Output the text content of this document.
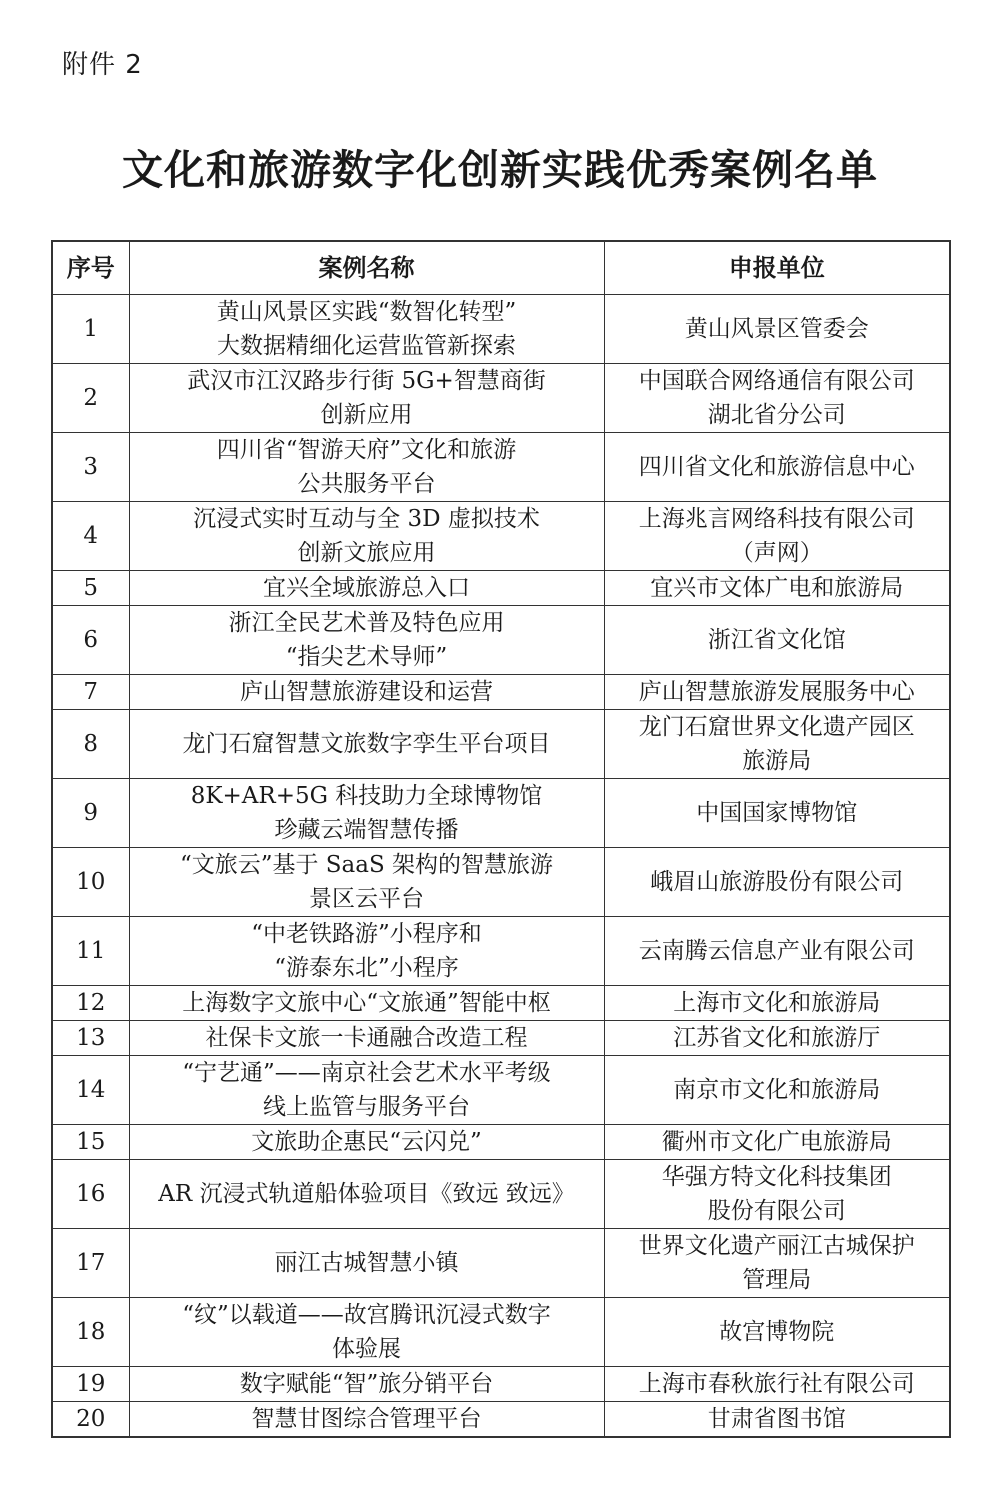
附件 2
文化和旅游数字化创新实践优秀案例名单
序号	案例名称	申报单位
1	黄山风景区实践“数智化转型”
大数据精细化运营监管新探索	黄山风景区管委会

2	武汉市江汉路步行街 5G+智慧商街
创新应用	中国联合网络通信有限公司
湖北省分公司

3	四川省“智游天府”文化和旅游
公共服务平台	四川省文化和旅游信息中心

4	沉浸式实时互动与全 3D 虚拟技术
创新文旅应用	上海兆言网络科技有限公司
（声网）

5	宜兴全域旅游总入口	宜兴市文体广电和旅游局

6	浙江全民艺术普及特色应用
“指尖艺术导师”	浙江省文化馆

7	庐山智慧旅游建设和运营	庐山智慧旅游发展服务中心

8	龙门石窟智慧文旅数字孪生平台项目	龙门石窟世界文化遗产园区
旅游局

9	8K+AR+5G 科技助力全球博物馆
珍藏云端智慧传播	中国国家博物馆

10	“文旅云”基于 SaaS 架构的智慧旅游
景区云平台	峨眉山旅游股份有限公司

11	“中老铁路游”小程序和
“游泰东北”小程序	云南腾云信息产业有限公司

12	上海数字文旅中心“文旅通”智能中枢	上海市文化和旅游局

13	社保卡文旅一卡通融合改造工程	江苏省文化和旅游厅

14	“宁艺通”——南京社会艺术水平考级
线上监管与服务平台	南京市文化和旅游局

15	文旅助企惠民“云闪兑”	衢州市文化广电旅游局

16	AR 沉浸式轨道船体验项目《致远 致远》	华强方特文化科技集团
股份有限公司

17	丽江古城智慧小镇	世界文化遗产丽江古城保护
管理局

18	“纹”以载道——故宫腾讯沉浸式数字
体验展	故宫博物院

19	数字赋能“智”旅分销平台	上海市春秋旅行社有限公司

20	智慧甘图综合管理平台	甘肃省图书馆
